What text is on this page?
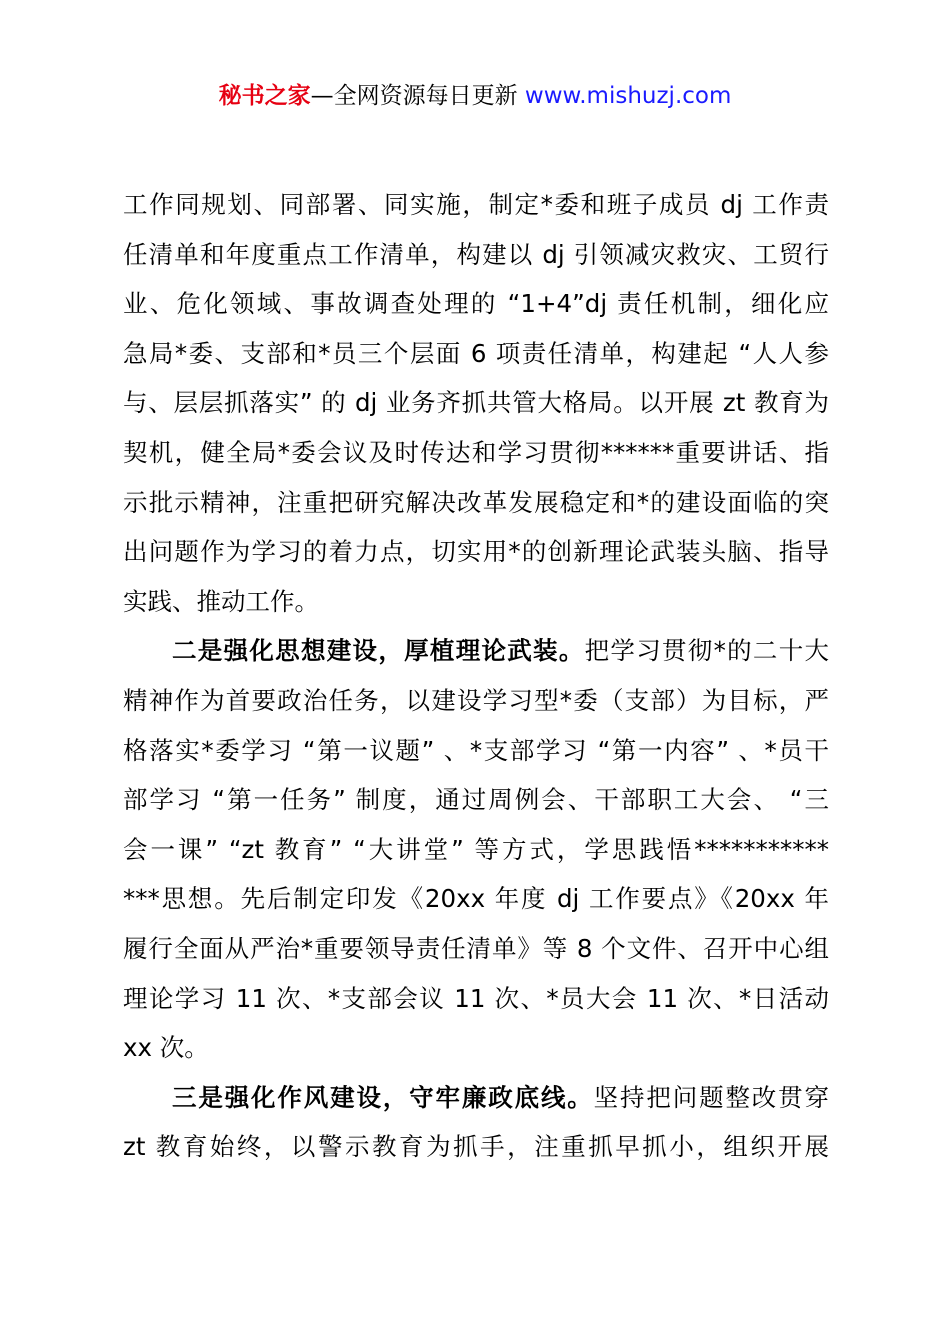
秘书之家—全网资源每日更新 www.mishuzj.com
工作同规划、同部署、同实施，制定*委和班子成员 dj 工作责
任清单和年度重点工作清单，构建以 dj 引领减灾救灾、工贸行
业、危化领域、事故调查处理的 “1+4”dj 责任机制，细化应
急局*委、支部和*员三个层面 6 项责任清单，构建起 “人人参
与、层层抓落实” 的 dj 业务齐抓共管大格局。以开展 zt 教育为
契机，健全局*委会议及时传达和学习贯彻******重要讲话、指
示批示精神，注重把研究解决改革发展稳定和*的建设面临的突
出问题作为学习的着力点，切实用*的创新理论武装头脑、指导
实践、推动工作。
二是强化思想建设，厚植理论武装。把学习贯彻*的二十大
精神作为首要政治任务，以建设学习型*委（支部）为目标，严
格落实*委学习 “第一议题” 、*支部学习 “第一内容” 、*员干
部学习 “第一任务” 制度，通过周例会、干部职工大会、 “三
会一课” “zt 教育” “大讲堂” 等方式，学思践悟***********
***思想。先后制定印发《20xx 年度 dj 工作要点》《20xx 年
履行全面从严治*重要领导责任清单》等 8 个文件、召开中心组
理论学习 11 次、*支部会议 11 次、*员大会 11 次、*日活动
xx 次。
三是强化作风建设，守牢廉政底线。坚持把问题整改贯穿
zt 教育始终，以警示教育为抓手，注重抓早抓小，组织开展
